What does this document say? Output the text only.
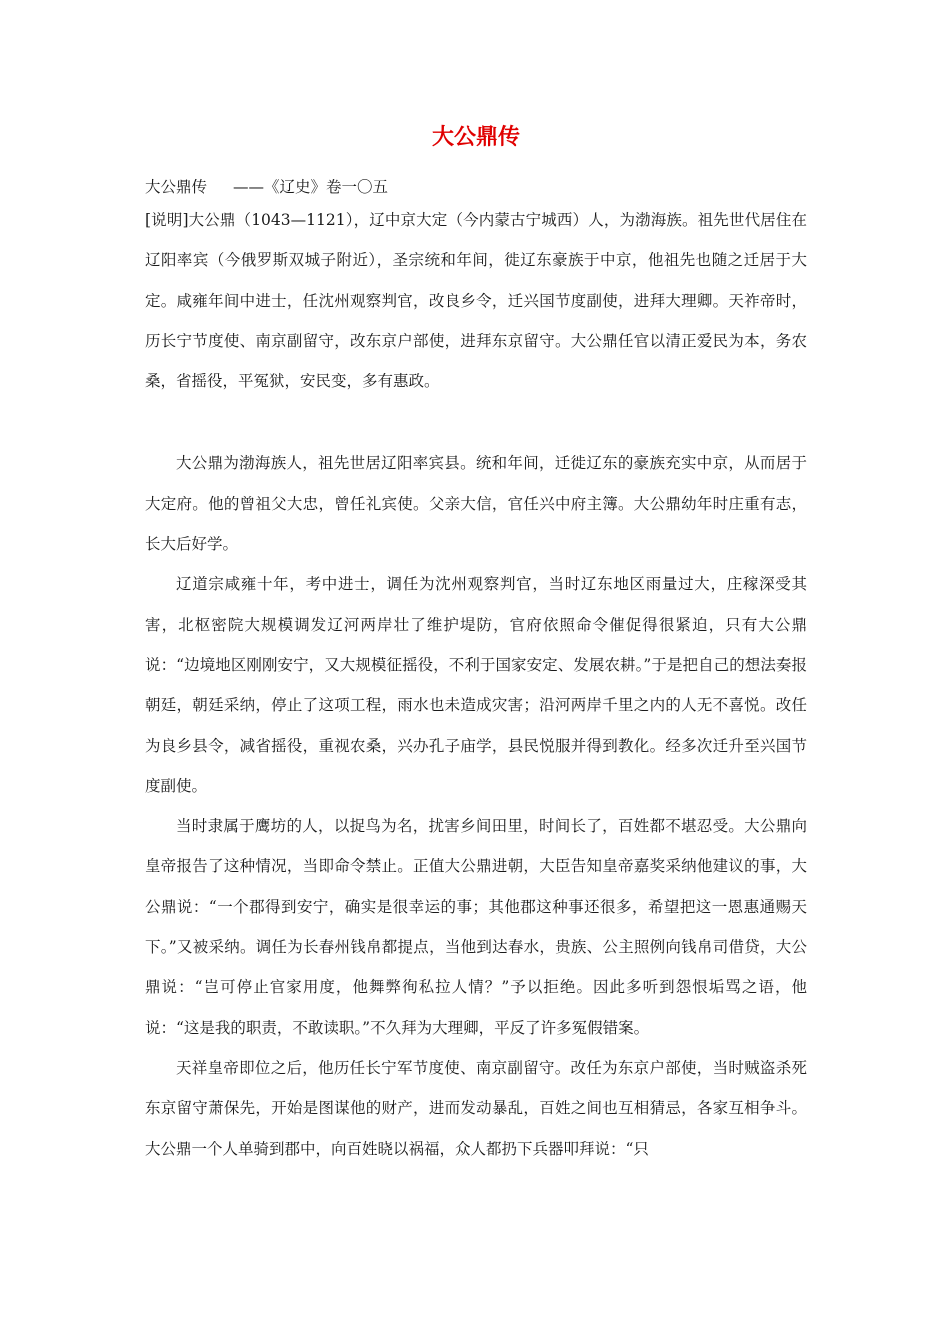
大公鼎传
大公鼎传 ——《辽史》卷一〇五

[说明]大公鼎（1043—1121），辽中京大定（今内蒙古宁城西）人，为渤海族。祖先世代居住在辽阳率宾（今俄罗斯双城子附近），圣宗统和年间，徙辽东豪族于中京，他祖先也随之迁居于大定。咸雍年间中进士，任沈州观察判官，改良乡令，迁兴国节度副使，进拜大理卿。天祚帝时，历长宁节度使、南京副留守，改东京户部使，进拜东京留守。大公鼎任官以清正爱民为本，务农桑，省摇役，平冤狱，安民变，多有惠政。

大公鼎为渤海族人，祖先世居辽阳率宾县。统和年间，迁徙辽东的豪族充实中京，从而居于大定府。他的曾祖父大忠，曾任礼宾使。父亲大信，官任兴中府主簿。大公鼎幼年时庄重有志，长大后好学。

辽道宗咸雍十年，考中进士，调任为沈州观察判官，当时辽东地区雨量过大，庄稼深受其害，北枢密院大规模调发辽河两岸壮了维护堤防，官府依照命令催促得很紧迫，只有大公鼎说：“边境地区刚刚安宁，又大规模征摇役，不利于国家安定、发展农耕。”于是把自己的想法奏报朝廷，朝廷采纳，停止了这项工程，雨水也未造成灾害；沿河两岸千里之内的人无不喜悦。改任为良乡县令，减省摇役，重视农桑，兴办孔子庙学，县民悦服并得到教化。经多次迁升至兴国节度副使。

当时隶属于鹰坊的人，以捉鸟为名，扰害乡间田里，时间长了，百姓都不堪忍受。大公鼎向皇帝报告了这种情况，当即命令禁止。正值大公鼎进朝，大臣告知皇帝嘉奖采纳他建议的事，大公鼎说：“一个郡得到安宁，确实是很幸运的事；其他郡这种事还很多，希望把这一恩惠通赐天下。”又被采纳。调任为长春州钱帛都提点，当他到达春水，贵族、公主照例向钱帛司借贷，大公鼎说：“岂可停止官家用度，他舞弊徇私拉人情？”予以拒绝。因此多听到怨恨垢骂之语，他说：“这是我的职责，不敢读职。”不久拜为大理卿，平反了许多冤假错案。

天祥皇帝即位之后，他历任长宁军节度使、南京副留守。改任为东京户部使，当时贼盗杀死东京留守萧保先，开始是图谋他的财产，进而发动暴乱，百姓之间也互相猜忌，各家互相争斗。大公鼎一个人单骑到郡中，向百姓晓以祸福，众人都扔下兵器叩拜说：“只
